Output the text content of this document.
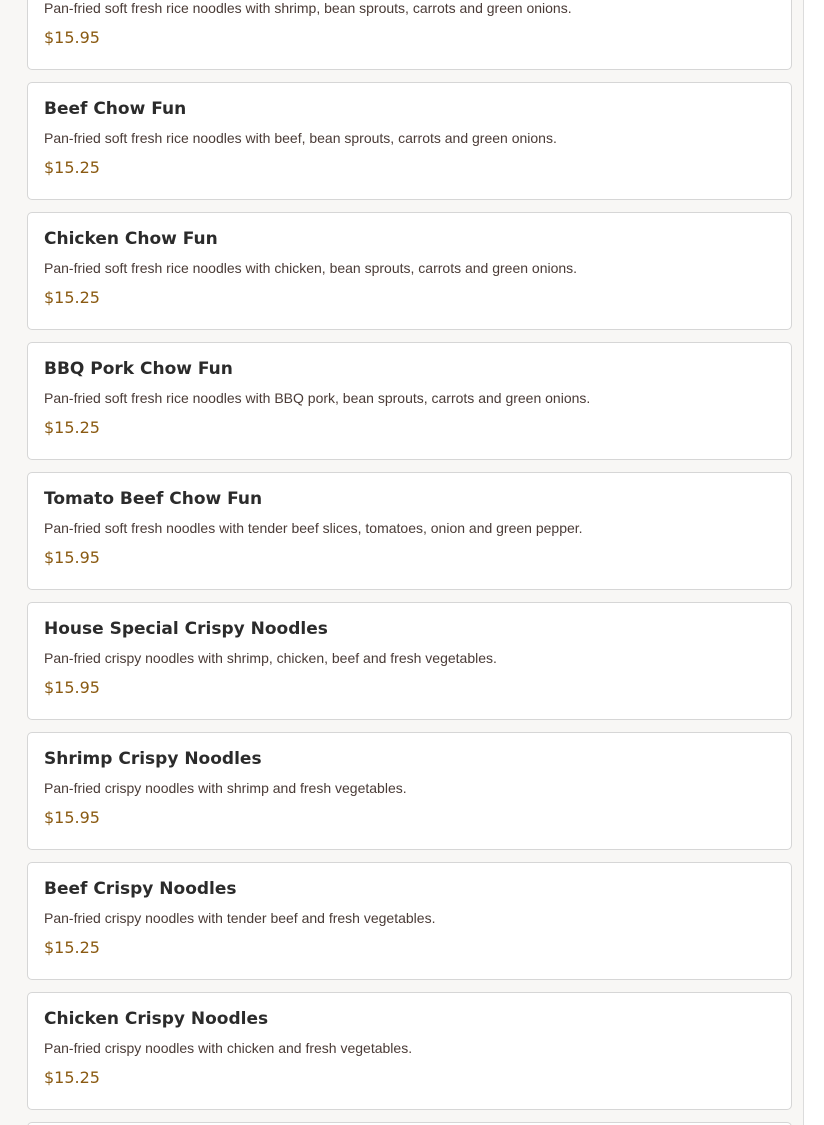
Pan-fried soft fresh rice noodles with shrimp, bean sprouts, carrots and green onions.
$15.95
Beef Chow Fun
Pan-fried soft fresh rice noodles with beef, bean sprouts, carrots and green onions.
$15.25
Chicken Chow Fun
Pan-fried soft fresh rice noodles with chicken, bean sprouts, carrots and green onions.
$15.25
BBQ Pork Chow Fun
Pan-fried soft fresh rice noodles with BBQ pork, bean sprouts, carrots and green onions.
$15.25
Tomato Beef Chow Fun
Pan-fried soft fresh noodles with tender beef slices, tomatoes, onion and green pepper.
$15.95
House Special Crispy Noodles
Pan-fried crispy noodles with shrimp, chicken, beef and fresh vegetables.
$15.95
Shrimp Crispy Noodles
Pan-fried crispy noodles with shrimp and fresh vegetables.
$15.95
Beef Crispy Noodles
Pan-fried crispy noodles with tender beef and fresh vegetables.
$15.25
Chicken Crispy Noodles
Pan-fried crispy noodles with chicken and fresh vegetables.
$15.25
